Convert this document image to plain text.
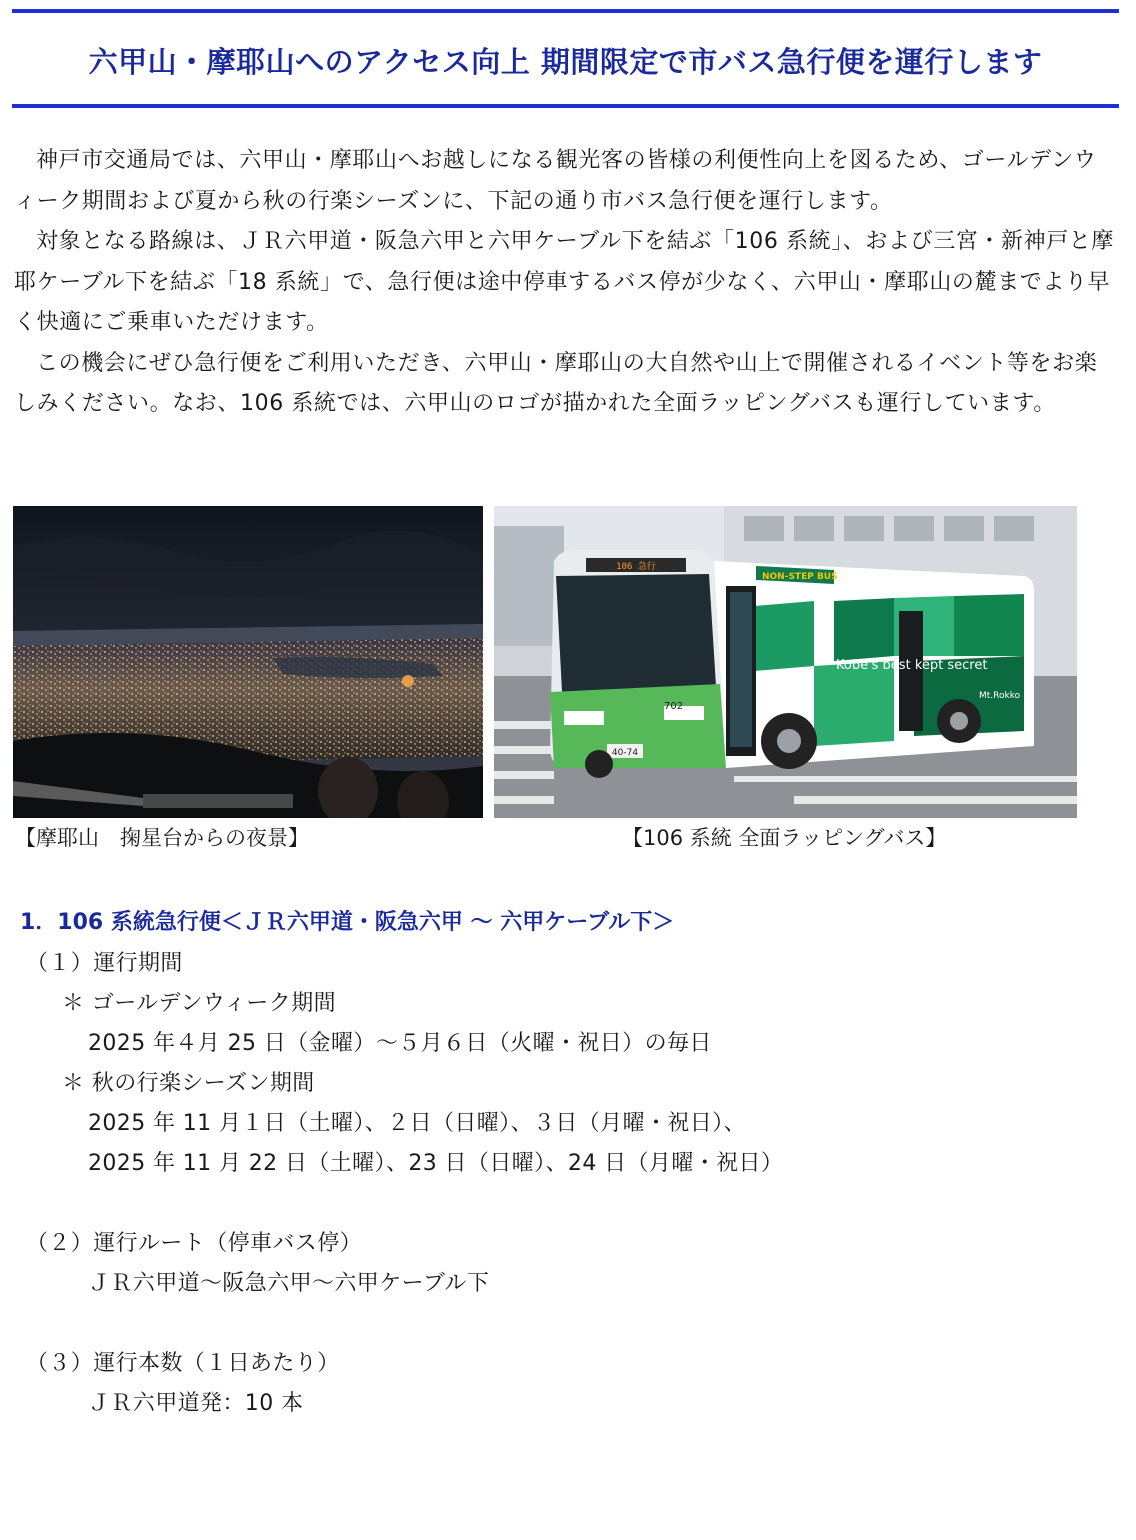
六甲山・摩耶山へのアクセス向上 期間限定で市バス急行便を運行します

神戸市交通局では、六甲山・摩耶山へお越しになる観光客の皆様の利便性向上を図るため、ゴールデンウィーク期間および夏から秋の行楽シーズンに、下記の通り市バス急行便を運行します。

対象となる路線は、ＪＲ六甲道・阪急六甲と六甲ケーブル下を結ぶ「106 系統」、および三宮・新神戸と摩耶ケーブル下を結ぶ「18 系統」で、急行便は途中停車するバス停が少なく、六甲山・摩耶山の麓までより早く快適にご乗車いただけます。

この機会にぜひ急行便をご利用いただき、六甲山・摩耶山の大自然や山上で開催されるイベント等をお楽しみください。なお、106 系統では、六甲山のロゴが描かれた全面ラッピングバスも運行しています。

106 急行
40-74
702
NON-STEP BUS
Kobe's best kept secret
Mt.Rokko
【摩耶山　掬星台からの夜景】	【106 系統 全面ラッピングバス】
1．106 系統急行便＜ＪＲ六甲道・阪急六甲 ～ 六甲ケーブル下＞
（１）運行期間
＊ ゴールデンウィーク期間
2025 年４月 25 日（金曜）～５月６日（火曜・祝日）の毎日
＊ 秋の行楽シーズン期間
2025 年 11 月１日（土曜）、２日（日曜）、３日（月曜・祝日）、
2025 年 11 月 22 日（土曜）、23 日（日曜）、24 日（月曜・祝日）
（２）運行ルート（停車バス停）
ＪＲ六甲道～阪急六甲～六甲ケーブル下
（３）運行本数（１日あたり）
ＪＲ六甲道発：10 本
